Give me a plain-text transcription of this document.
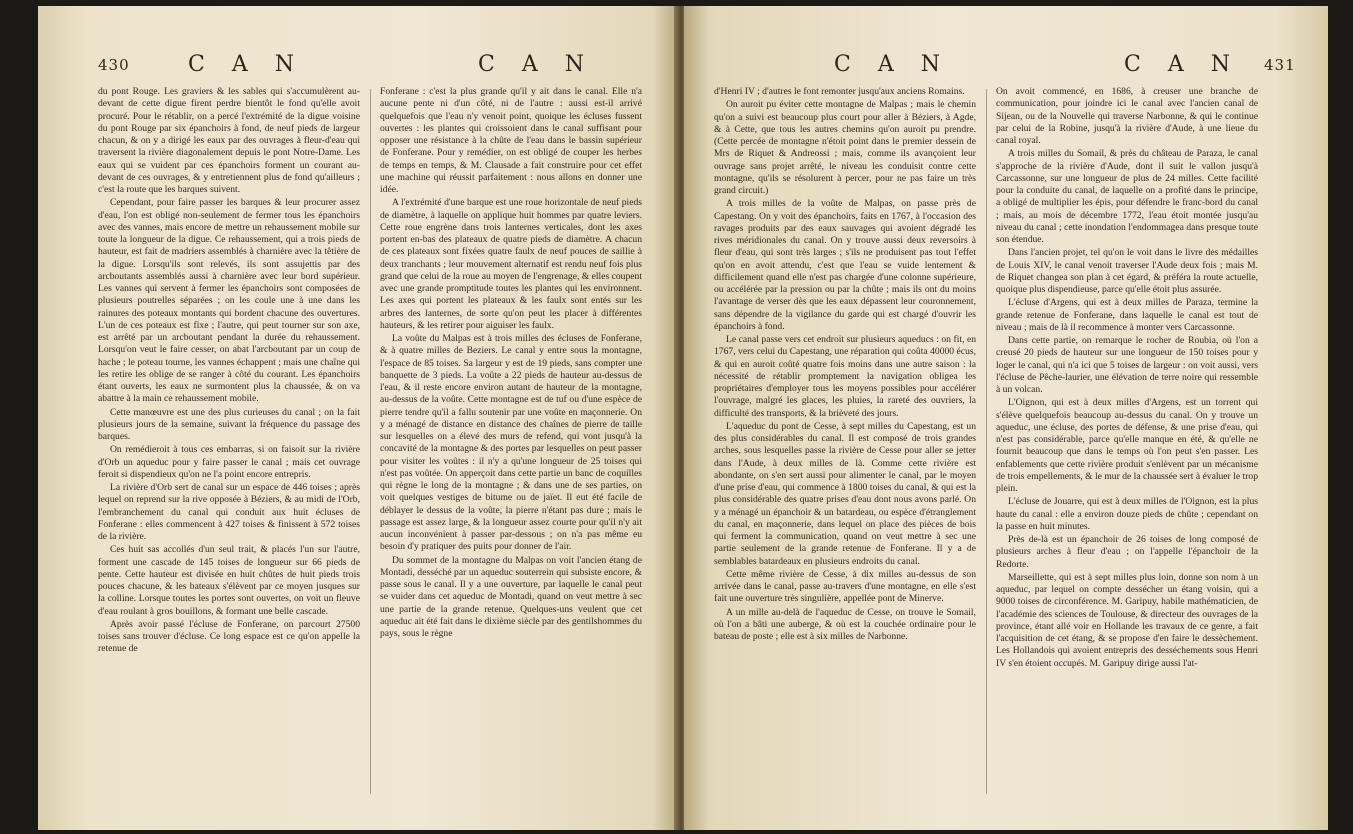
430	C A N	C A N

du pont Rouge. Les graviers & les sables qui s'accumulèrent au-devant de cette digue firent perdre bientôt le fond qu'elle avoit procuré. Pour le rétablir, on a percé l'extrémité de la digue voisine du pont Rouge par six épanchoirs à fond, de neuf pieds de largeur chacun, & on y a dirigé les eaux par des ouvrages à fleur-d'eau qui traversent la rivière diagonalement depuis le pont Notre-Dame. Les eaux qui se vuident par ces épanchoirs forment un courant au-devant de ces ouvrages, & y entretiennent plus de fond qu'ailleurs ; c'est la route que les barques suivent.

Cependant, pour faire passer les barques & leur procurer assez d'eau, l'on est obligé non-seulement de fermer tous les épanchoirs avec des vannes, mais encore de mettre un rehaussement mobile sur toute la longueur de la digue. Ce rehaussement, qui a trois pieds de hauteur, est fait de madriers assemblés à charnière avec la têtière de la digue. Lorsqu'ils sont relevés, ils sont assujettis par des arcboutants assemblés aussi à charnière avec leur bord supérieur. Les vannes qui servent à fermer les épanchoirs sont composées de plusieurs poutrelles séparées ; on les coule une à une dans les rainures des poteaux montants qui bordent chacune des ouvertures. L'un de ces poteaux est fixe ; l'autre, qui peut tourner sur son axe, est arrêté par un arcboutant pendant la durée du rehaussement. Lorsqu'on veut le faire cesser, on abat l'arcboutant par un coup de hache ; le poteau tourne, les vannes échappent ; mais une chaîne qui les retire les oblige de se ranger à côté du courant. Les épanchoirs étant ouverts, les eaux ne surmontent plus la chaussée, & on va abattre à la main ce rehaussement mobile.

Cette manœuvre est une des plus curieuses du canal ; on la fait plusieurs jours de la semaine, suivant la fréquence du passage des barques.

On remédieroit à tous ces embarras, si on faisoit sur la rivière d'Orb un aqueduc pour y faire passer le canal ; mais cet ouvrage feroit si dispendieux qu'on ne l'a point encore entrepris.

La rivière d'Orb sert de canal sur un espace de 446 toises ; après lequel on reprend sur la rive opposée à Béziers, & au midi de l'Orb, l'embranchement du canal qui conduit aux huit écluses de Fonferane : elles commencent à 427 toises & finissent à 572 toises de la rivière.

Ces huit sas accollés d'un seul trait, & placés l'un sur l'autre, forment une cascade de 145 toises de longueur sur 66 pieds de pente. Cette hauteur est divisée en huit chûtes de huit pieds trois pouces chacune, & les bateaux s'élèvent par ce moyen jusques sur la colline. Lorsque toutes les portes sont ouvertes, on voit un fleuve d'eau roulant à gros bouillons, & formant une belle cascade.

Après avoir passé l'écluse de Fonferane, on parcourt 27500 toises sans trouver d'écluse. Ce long espace est ce qu'on appelle la retenue de

Fonferane : c'est la plus grande qu'il y ait dans le canal. Elle n'a aucune pente ni d'un côté, ni de l'autre : aussi est-il arrivé quelquefois que l'eau n'y venoit point, quoique les écluses fussent ouvertes : les plantes qui croissoient dans le canal suffisant pour opposer une résistance à la chûte de l'eau dans le bassin supérieur de Fonferane. Pour y remédier, on est obligé de couper les herbes de temps en temps, & M. Clausade a fait construire pour cet effet une machine qui réussit parfaitement : nous allons en donner une idée.

A l'extrémité d'une barque est une roue horizontale de neuf pieds de diamètre, à laquelle on applique huit hommes par quatre leviers. Cette roue engrène dans trois lanternes verticales, dont les axes portent en-bas des plateaux de quatre pieds de diamètre. A chacun de ces plateaux sont fixées quatre faulx de neuf pouces de saillie à deux tranchants ; leur mouvement alternatif est rendu neuf fois plus grand que celui de la roue au moyen de l'engrenage, & elles coupent avec une grande promptitude toutes les plantes qui les environnent. Les axes qui portent les plateaux & les faulx sont entés sur les arbres des lanternes, de sorte qu'on peut les placer à différentes hauteurs, & les retirer pour aiguiser les faulx.

La voûte du Malpas est à trois milles des écluses de Fonferane, & à quatre milles de Beziers. Le canal y entre sous la montagne, l'espace de 85 toises. Sa largeur y est de 19 pieds, sans compter une banquette de 3 pieds. La voûte a 22 pieds de hauteur au-dessus de l'eau, & il reste encore environ autant de hauteur de la montagne, au-dessus de la voûte. Cette montagne est de tuf ou d'une espèce de pierre tendre qu'il a fallu soutenir par une voûte en maçonnerie. On y a ménagé de distance en distance des chaînes de pierre de taille sur lesquelles on a élevé des murs de refend, qui vont jusqu'à la concavité de la montagne & des portes par lesquelles on peut passer pour visiter les voûtes : il n'y a qu'une longueur de 25 toises qui n'est pas voûtée. On apperçoit dans cette partie un banc de coquilles qui règne le long de la montagne ; & dans une de ses parties, on voit quelques vestiges de bitume ou de jaïet. Il eut été facile de déblayer le dessus de la voûte, la pierre n'étant pas dure ; mais le passage est assez large, & la longueur assez courte pour qu'il n'y ait aucun inconvénient à passer par-dessous ; on n'a pas même eu besoin d'y pratiquer des puits pour donner de l'air.

Du sommet de la montagne du Malpas on voit l'ancien étang de Montadi, desséché par un aqueduc souterrein qui subsiste encore, & passe sous le canal. Il y a une ouverture, par laquelle le canal peut se vuider dans cet aqueduc de Montadi, quand on veut mettre à sec une partie de la grande retenue. Quelques-uns veulent que cet aqueduc ait été fait dans le dixième siècle par des gentilshommes du pays, sous le règne

C A N	C A N 431

d'Henri IV ; d'autres le font remonter jusqu'aux anciens Romains.

On auroit pu éviter cette montagne de Malpas ; mais le chemin qu'on a suivi est beaucoup plus court pour aller à Béziers, à Agde, & à Cette, que tous les autres chemins qu'on auroit pu prendre. (Cette percée de montagne n'étoit point dans le premier dessein de Mrs de Riquet & Andreossi ; mais, comme ils avançoient leur ouvrage sans projet arrêté, le niveau les conduisit contre cette montagne, qu'ils se résolurent à percer, pour ne pas faire un très grand circuit.)

A trois milles de la voûte de Malpas, on passe près de Capestang. On y voit des épanchoirs, faits en 1767, à l'occasion des ravages produits par des eaux sauvages qui avoient dégradé les rives méridionales du canal. On y trouve aussi deux reversoirs à fleur d'eau, qui sont très larges ; s'ils ne produisent pas tout l'effet qu'on en avoit attendu, c'est que l'eau se vuide lentement & difficilement quand elle n'est pas chargée d'une colonne supérieure, ou accélérée par la pression ou par la chûte ; mais ils ont du moins l'avantage de verser dès que les eaux dépassent leur couronnement, sans dépendre de la vigilance du garde qui est chargé d'ouvrir les épanchoirs à fond.

Le canal passe vers cet endroit sur plusieurs aqueducs : on fit, en 1767, vers celui du Capestang, une réparation qui coûta 40000 écus, & qui en auroit coûté quatre fois moins dans une autre saison : la nécessité de rétablir promptement la navigation obligea les propriétaires d'employer tous les moyens possibles pour accélérer l'ouvrage, malgré les glaces, les pluies, la rareté des ouvriers, la difficulté des transports, & la brièveté des jours.

L'aqueduc du pont de Cesse, à sept milles du Capestang, est un des plus considérables du canal. Il est composé de trois grandes arches, sous lesquelles passe la rivière de Cesse pour aller se jetter dans l'Aude, à deux milles de là. Comme cette rivière est abondante, on s'en sert aussi pour alimenter le canal, par le moyen d'une prise d'eau, qui commence à 1800 toises du canal, & qui est la plus considérable des quatre prises d'eau dont nous avons parlé. On y a ménagé un épanchoir & un batardeau, ou espèce d'étranglement du canal, en maçonnerie, dans lequel on place des pièces de bois qui ferment la communication, quand on veut mettre à sec une partie seulement de la grande retenue de Fonferane. Il y a de semblables batardeaux en plusieurs endroits du canal.

Cette même rivière de Cesse, à dix milles au-dessus de son arrivée dans le canal, passe au-travers d'une montagne, en elle s'est fait une ouverture très singulière, appellée pont de Minerve.

A un mille au-delà de l'aqueduc de Cesse, on trouve le Somail, où l'on a bâti une auberge, & où est la couchée ordinaire pour le bateau de poste ; elle est à six milles de Narbonne.

On avoit commencé, en 1686, à creuser une branche de communication, pour joindre ici le canal avec l'ancien canal de Sijean, ou de la Nouvelle qui traverse Narbonne, & qui le continue par celui de la Robine, jusqu'à la rivière d'Aude, à une lieue du canal royal.

A trois milles du Somail, & près du château de Paraza, le canal s'approche de la rivière d'Aude, dont il suit le vallon jusqu'à Carcassonne, sur une longueur de plus de 24 milles. Cette facilité pour la conduite du canal, de laquelle on a profité dans le principe, a obligé de multiplier les épis, pour défendre le franc-bord du canal ; mais, au mois de décembre 1772, l'eau étoit montée jusqu'au niveau du canal ; cette inondation l'endommagea dans presque toute son étendue.

Dans l'ancien projet, tel qu'on le voit dans le livre des médailles de Louis XIV, le canal venoit traverser l'Aude deux fois ; mais M. de Riquet changea son plan à cet égard, & préféra la route actuelle, quoique plus dispendieuse, parce qu'elle étoit plus assurée.

L'écluse d'Argens, qui est à deux milles de Paraza, termine la grande retenue de Fonferane, dans laquelle le canal est tout de niveau ; mais de là il recommence à monter vers Carcassonne.

Dans cette partie, on remarque le rocher de Roubia, où l'on a creusé 20 pieds de hauteur sur une longueur de 150 toises pour y loger le canal, qui n'a ici que 5 toises de largeur : on voit aussi, vers l'écluse de Pêche-laurier, une élévation de terre noire qui ressemble à un volcan.

L'Oignon, qui est à deux milles d'Argens, est un torrent qui s'élève quelquefois beaucoup au-dessus du canal. On y trouve un aqueduc, une écluse, des portes de défense, & une prise d'eau, qui n'est pas considérable, parce qu'elle manque en été, & qu'elle ne fournit beaucoup que dans le temps où l'on peut s'en passer. Les enfablements que cette rivière produit s'enlèvent par un mécanisme de trois empellements, & le mur de la chaussée sert à évaluer le trop plein.

L'écluse de Jouarre, qui est à deux milles de l'Oignon, est la plus haute du canal : elle a environ douze pieds de chûte ; cependant on la passe en huit minutes.

Près de-là est un épanchoir de 26 toises de long composé de plusieurs arches à fleur d'eau ; on l'appelle l'épanchoir de la Redorte.

Marseillette, qui est à sept milles plus loin, donne son nom à un aqueduc, par lequel on compte dessécher un étang voisin, qui a 9000 toises de circonférence. M. Garipuy, habile mathématicien, de l'académie des sciences de Toulouse, & directeur des ouvrages de la province, étant allé voir en Hollande les travaux de ce genre, a fait l'acquisition de cet étang, & se propose d'en faire le dessèchement. Les Hollandois qui avoient entrepris des desséchements sous Henri IV s'en étoient occupés. M. Garipuy dirige aussi l'at-
